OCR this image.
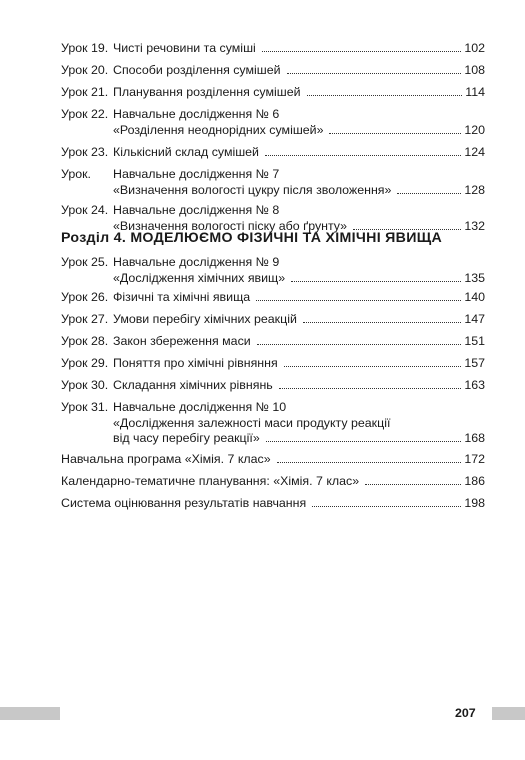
Урок 19. Чисті речовини та суміші	102
Урок 20. Способи розділення сумішей	108
Урок 21. Планування розділення сумішей	114
Урок 22. Навчальне дослідження № 6
«Розділення неоднорідних сумішей»	120
Урок 23. Кількісний склад сумішей	124
Урок.	Навчальне дослідження № 7
«Визначення вологості цукру після зволоження»	128
Урок 24. Навчальне дослідження № 8
«Визначення вологості піску або ґрунту»	132
Урок 25. Навчальне дослідження № 9
«Дослідження хімічних явищ»	135
Урок 26. Фізичні та хімічні явища	140
Урок 27. Умови перебігу хімічних реакцій	147
Урок 28. Закон збереження маси	151
Урок 29. Поняття про хімічні рівняння	157
Урок 30. Складання хімічних рівнянь	163
Урок 31. Навчальне дослідження № 10
«Дослідження залежності маси продукту реакції
від часу перебігу реакції»	168
Навчальна програма «Хімія. 7 клас»	172
Календарно-тематичне планування: «Хімія. 7 клас»	186
Система оцінювання результатів навчання	198
Розділ 4. МОДЕЛЮЄМО ФІЗИЧНІ ТА ХІМІЧНІ ЯВИЩА
207
